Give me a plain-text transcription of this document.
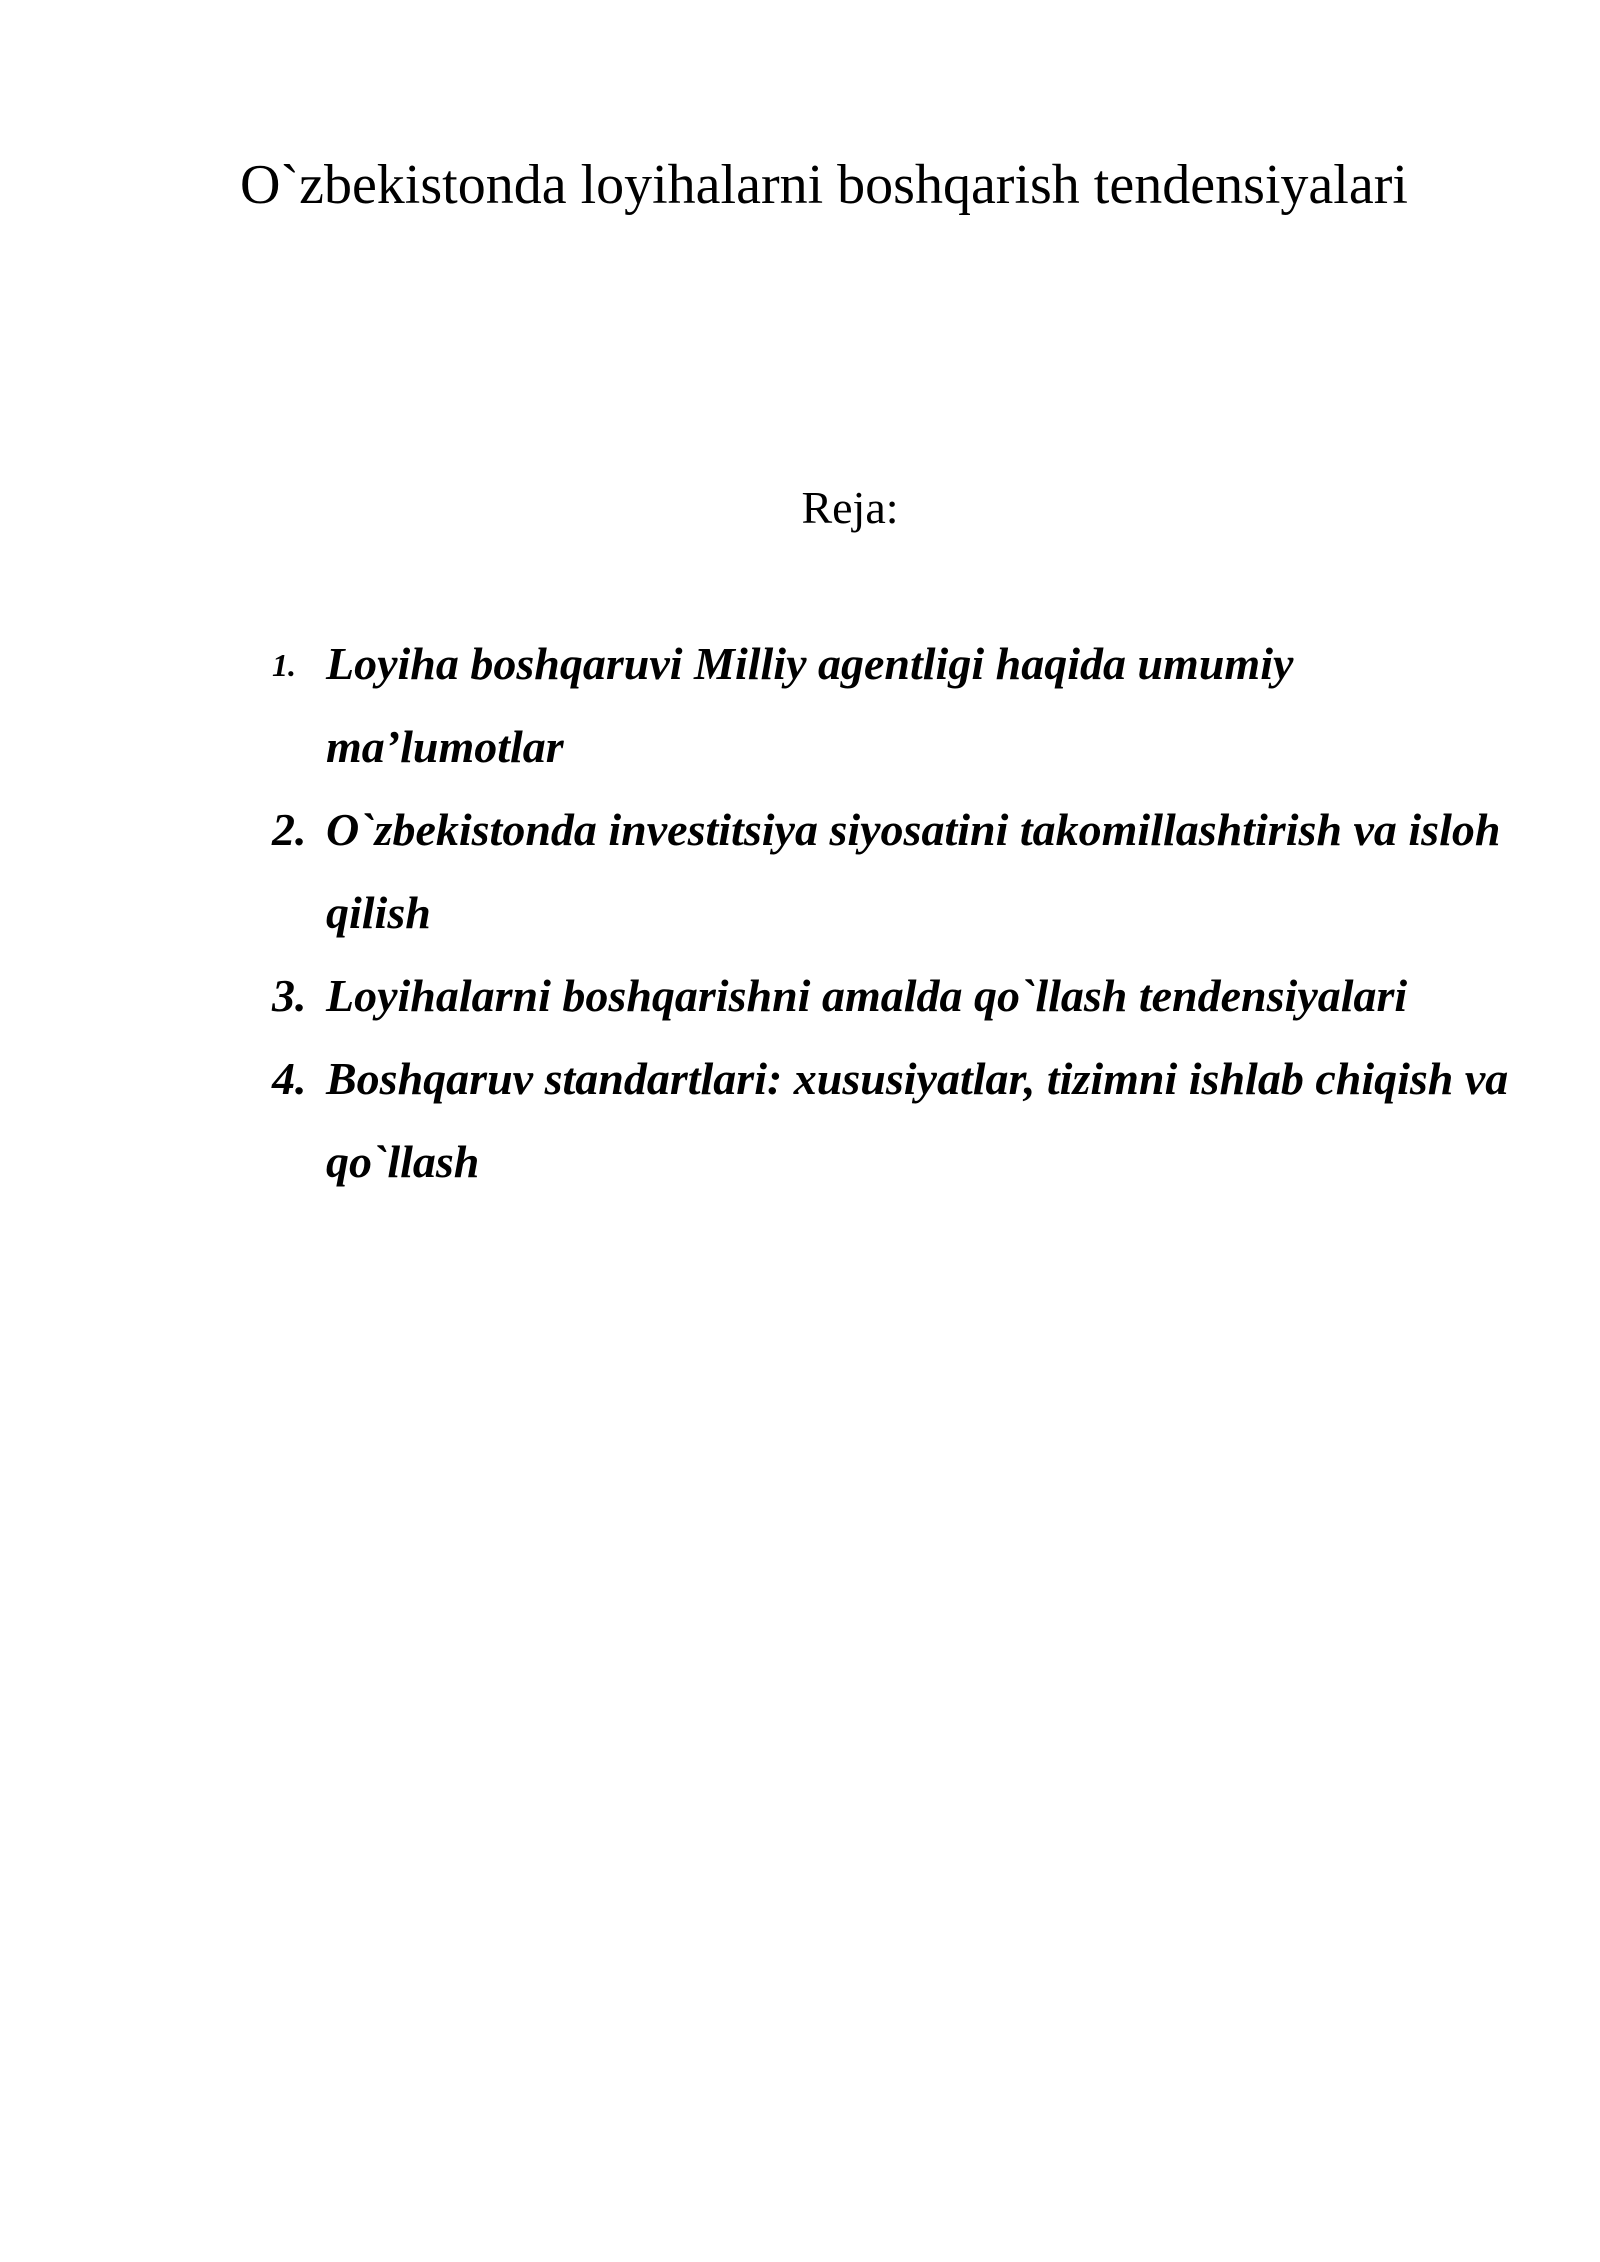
O`zbekistonda loyihalarni boshqarish tendensiyalari
Reja:
1. Loyiha boshqaruvi Milliy agentligi haqida umumiy ma’lumotlar
2. O`zbekistonda investitsiya siyosatini takomillashtirish va isloh qilish
3. Loyihalarni boshqarishni amalda qo`llash tendensiyalari
4. Boshqaruv standartlari: xususiyatlar, tizimni ishlab chiqish va qo`llash
